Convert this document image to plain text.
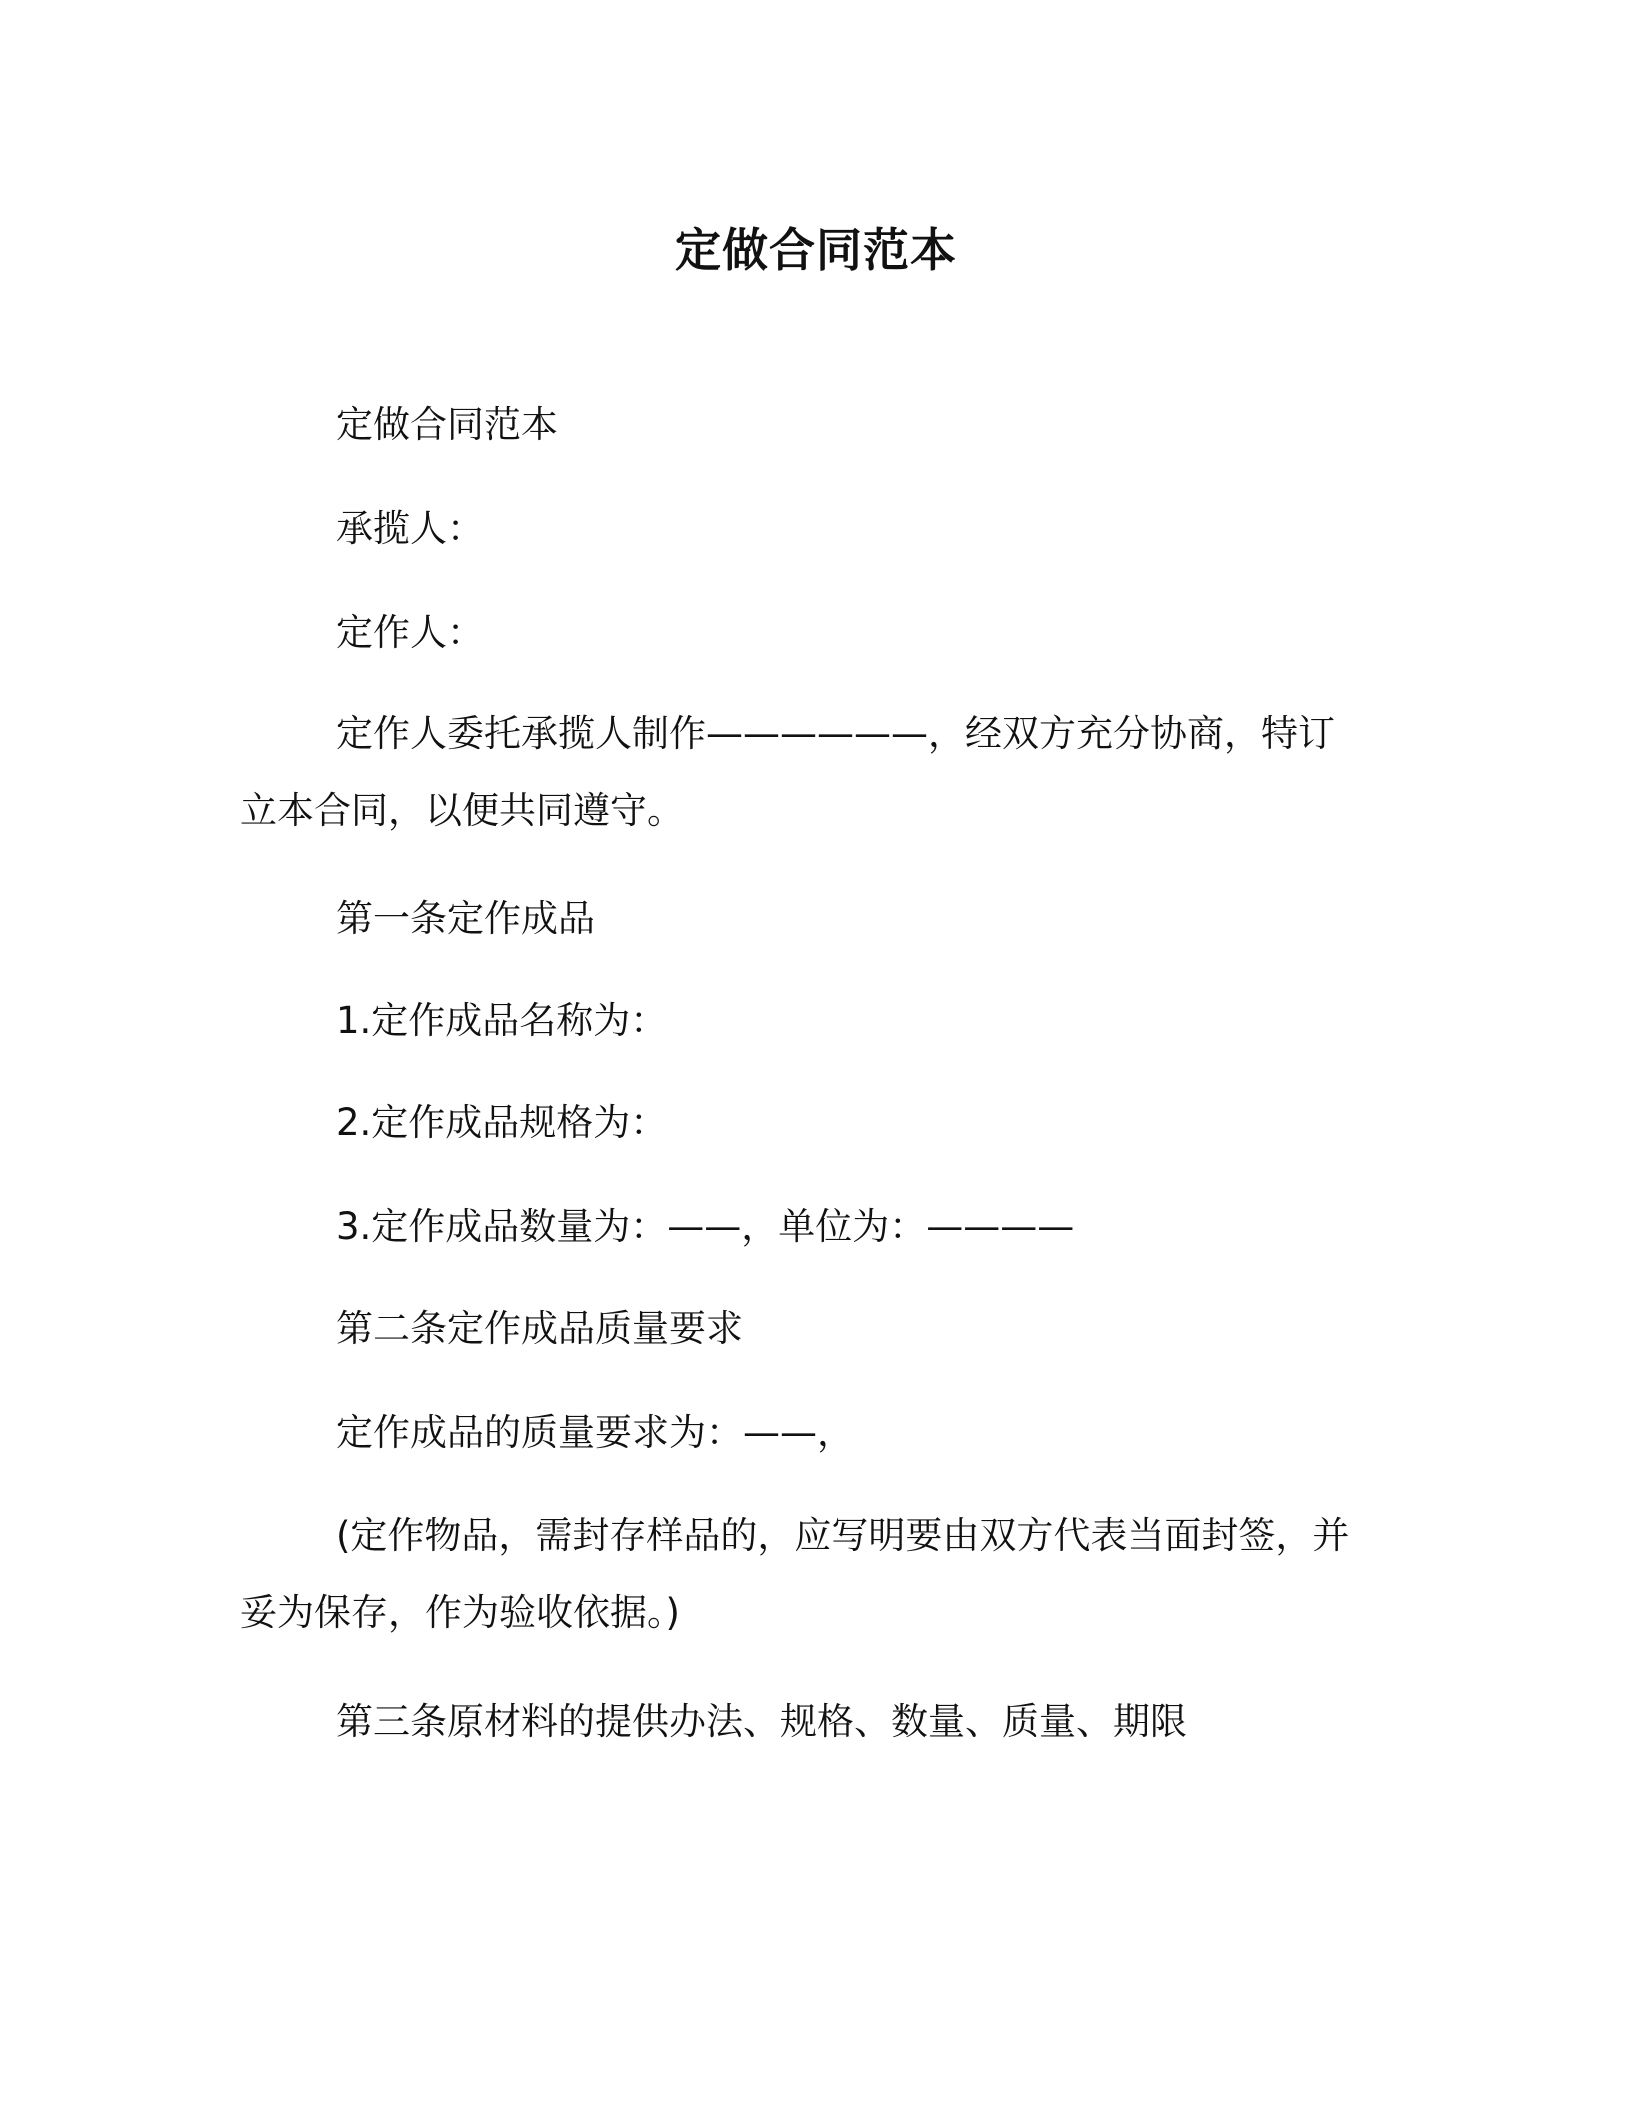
定做合同范本
定做合同范本
承揽人：
定作人：
定作人委托承揽人制作——————，经双方充分协商，特订立本合同，以便共同遵守。
第一条定作成品
1.定作成品名称为：
2.定作成品规格为：
3.定作成品数量为：——，单位为：————
第二条定作成品质量要求
定作成品的质量要求为：——，
(定作物品，需封存样品的，应写明要由双方代表当面封签，并妥为保存，作为验收依据。)
第三条原材料的提供办法、规格、数量、质量、期限
